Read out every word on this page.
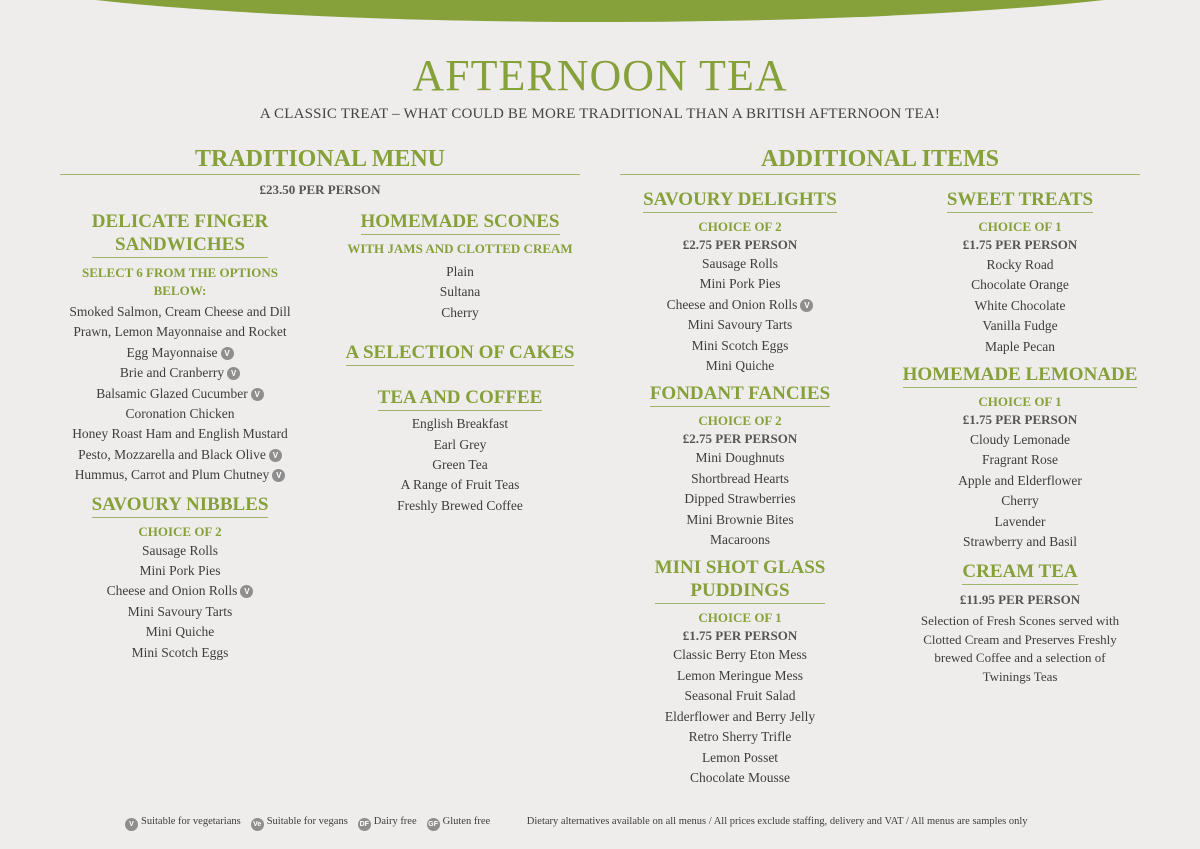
AFTERNOON TEA
A CLASSIC TREAT – WHAT COULD BE MORE TRADITIONAL THAN A BRITISH AFTERNOON TEA!
TRADITIONAL MENU
£23.50 PER PERSON
ADDITIONAL ITEMS
DELICATE FINGER
SANDWICHES
SELECT 6 FROM THE OPTIONS BELOW:
Smoked Salmon, Cream Cheese and Dill
Prawn, Lemon Mayonnaise and Rocket
Egg Mayonnaise V
Brie and Cranberry V
Balsamic Glazed Cucumber V
Coronation Chicken
Honey Roast Ham and English Mustard
Pesto, Mozzarella and Black Olive V
Hummus, Carrot and Plum Chutney V
SAVOURY NIBBLES
CHOICE OF 2
Sausage Rolls
Mini Pork Pies
Cheese and Onion Rolls V
Mini Savoury Tarts
Mini Quiche
Mini Scotch Eggs
HOMEMADE SCONES
WITH JAMS AND CLOTTED CREAM
Plain
Sultana
Cherry
A SELECTION OF CAKES
TEA AND COFFEE
English Breakfast
Earl Grey
Green Tea
A Range of Fruit Teas
Freshly Brewed Coffee
SAVOURY DELIGHTS
CHOICE OF 2
£2.75 PER PERSON
Sausage Rolls
Mini Pork Pies
Cheese and Onion Rolls V
Mini Savoury Tarts
Mini Scotch Eggs
Mini Quiche
FONDANT FANCIES
CHOICE OF 2
£2.75 PER PERSON
Mini Doughnuts
Shortbread Hearts
Dipped Strawberries
Mini Brownie Bites
Macaroons
MINI SHOT GLASS
PUDDINGS
CHOICE OF 1
£1.75 PER PERSON
Classic Berry Eton Mess
Lemon Meringue Mess
Seasonal Fruit Salad
Elderflower and Berry Jelly
Retro Sherry Trifle
Lemon Posset
Chocolate Mousse
SWEET TREATS
CHOICE OF 1
£1.75 PER PERSON
Rocky Road
Chocolate Orange
White Chocolate
Vanilla Fudge
Maple Pecan
HOMEMADE LEMONADE
CHOICE OF 1
£1.75 PER PERSON
Cloudy Lemonade
Fragrant Rose
Apple and Elderflower
Cherry
Lavender
Strawberry and Basil
CREAM TEA
£11.95 PER PERSON
Selection of Fresh Scones served with Clotted Cream and Preserves Freshly brewed Coffee and a selection of Twinings Teas
V Suitable for vegetarians Ve Suitable for vegans DF Dairy free GF Gluten free	Dietary alternatives available on all menus / All prices exclude staffing, delivery and VAT / All menus are samples only
